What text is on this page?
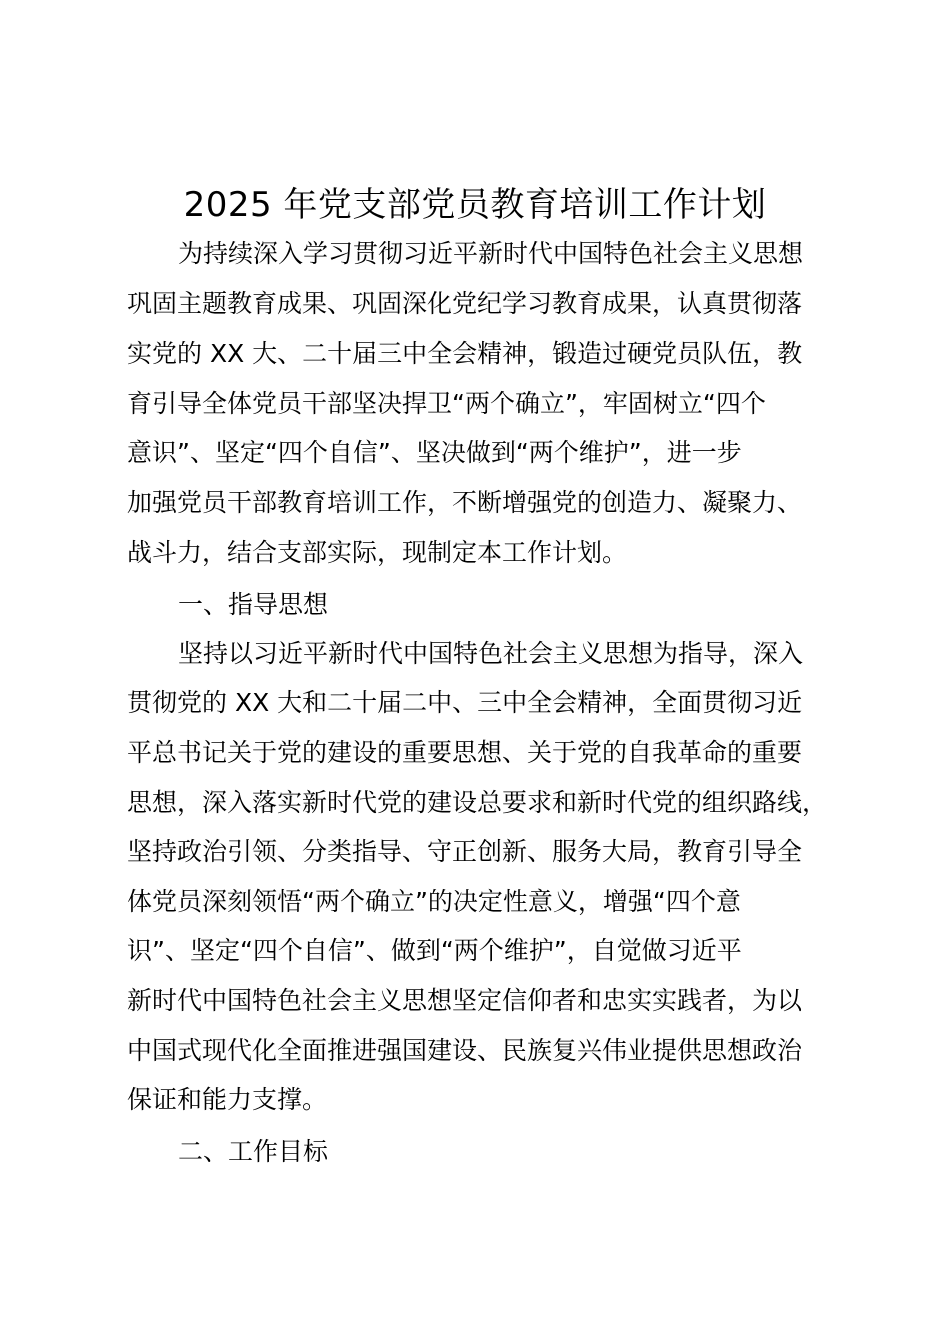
2025 年党支部党员教育培训工作计划
为持续深入学习贯彻习近平新时代中国特色社会主义思想
巩固主题教育成果、巩固深化党纪学习教育成果，认真贯彻落
实党的 XX 大、二十届三中全会精神，锻造过硬党员队伍，教
育引导全体党员干部坚决捍卫“两个确立”，牢固树立“四个
意识”、坚定“四个自信”、坚决做到“两个维护”，进一步
加强党员干部教育培训工作，不断增强党的创造力、凝聚力、
战斗力，结合支部实际，现制定本工作计划。
一、指导思想
坚持以习近平新时代中国特色社会主义思想为指导，深入
贯彻党的 XX 大和二十届二中、三中全会精神，全面贯彻习近
平总书记关于党的建设的重要思想、关于党的自我革命的重要
思想，深入落实新时代党的建设总要求和新时代党的组织路线，
坚持政治引领、分类指导、守正创新、服务大局，教育引导全
体党员深刻领悟“两个确立”的决定性意义，增强“四个意
识”、坚定“四个自信”、做到“两个维护”，自觉做习近平
新时代中国特色社会主义思想坚定信仰者和忠实实践者，为以
中国式现代化全面推进强国建设、民族复兴伟业提供思想政治
保证和能力支撑。
二、工作目标
